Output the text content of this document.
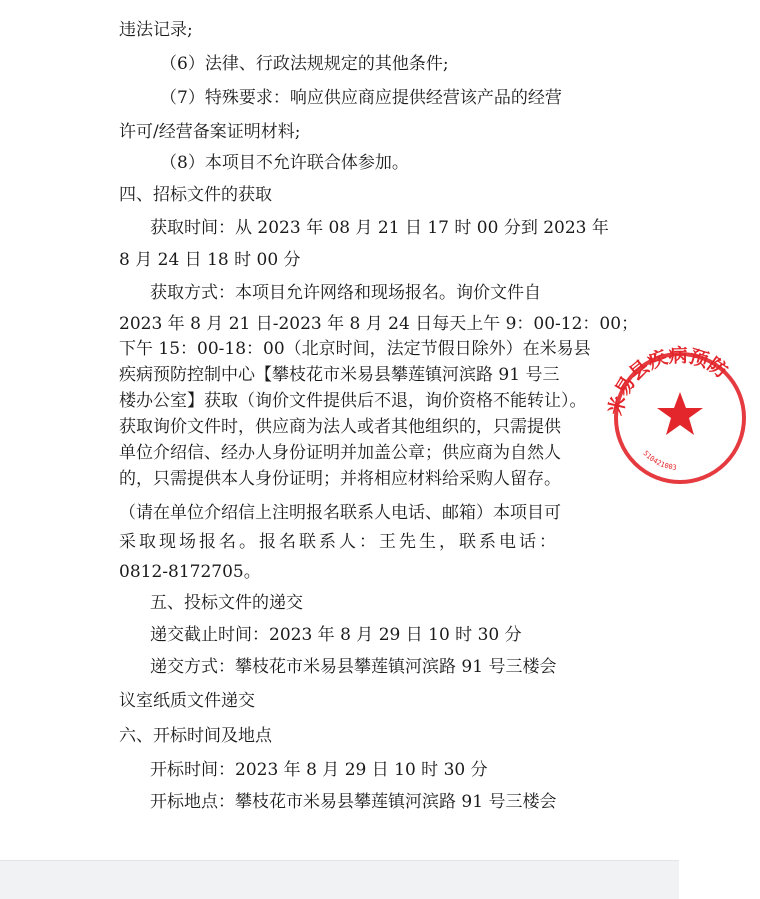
违法记录;
（6）法律、行政法规规定的其他条件;
（7）特殊要求：响应供应商应提供经营该产品的经营
许可/经营备案证明材料;
（8）本项目不允许联合体参加。
四、招标文件的获取
获取时间：从 2023 年 08 月 21 日 17 时 00 分到 2023 年
8 月 24 日 18 时 00 分
获取方式：本项目允许网络和现场报名。询价文件自
2023 年 8 月 21 日-2023 年 8 月 24 日每天上午 9：00-12：00；
下午 15：00-18：00（北京时间，法定节假日除外）在米易县
疾病预防控制中心【攀枝花市米易县攀莲镇河滨路 91 号三
楼办公室】获取（询价文件提供后不退，询价资格不能转让）。
获取询价文件时，供应商为法人或者其他组织的，只需提供
单位介绍信、经办人身份证明并加盖公章；供应商为自然人
的，只需提供本人身份证明；并将相应材料给采购人留存。
（请在单位介绍信上注明报名联系人电话、邮箱）本项目可
采取现场报名。报名联系人：王先生，联系电话：
0812-8172705。
五、投标文件的递交
递交截止时间：2023 年 8 月 29 日 10 时 30 分
递交方式：攀枝花市米易县攀莲镇河滨路 91 号三楼会
议室纸质文件递交
六、开标时间及地点
开标时间：2023 年 8 月 29 日 10 时 30 分
开标地点：攀枝花市米易县攀莲镇河滨路 91 号三楼会
米易县疾病预防
510421003
